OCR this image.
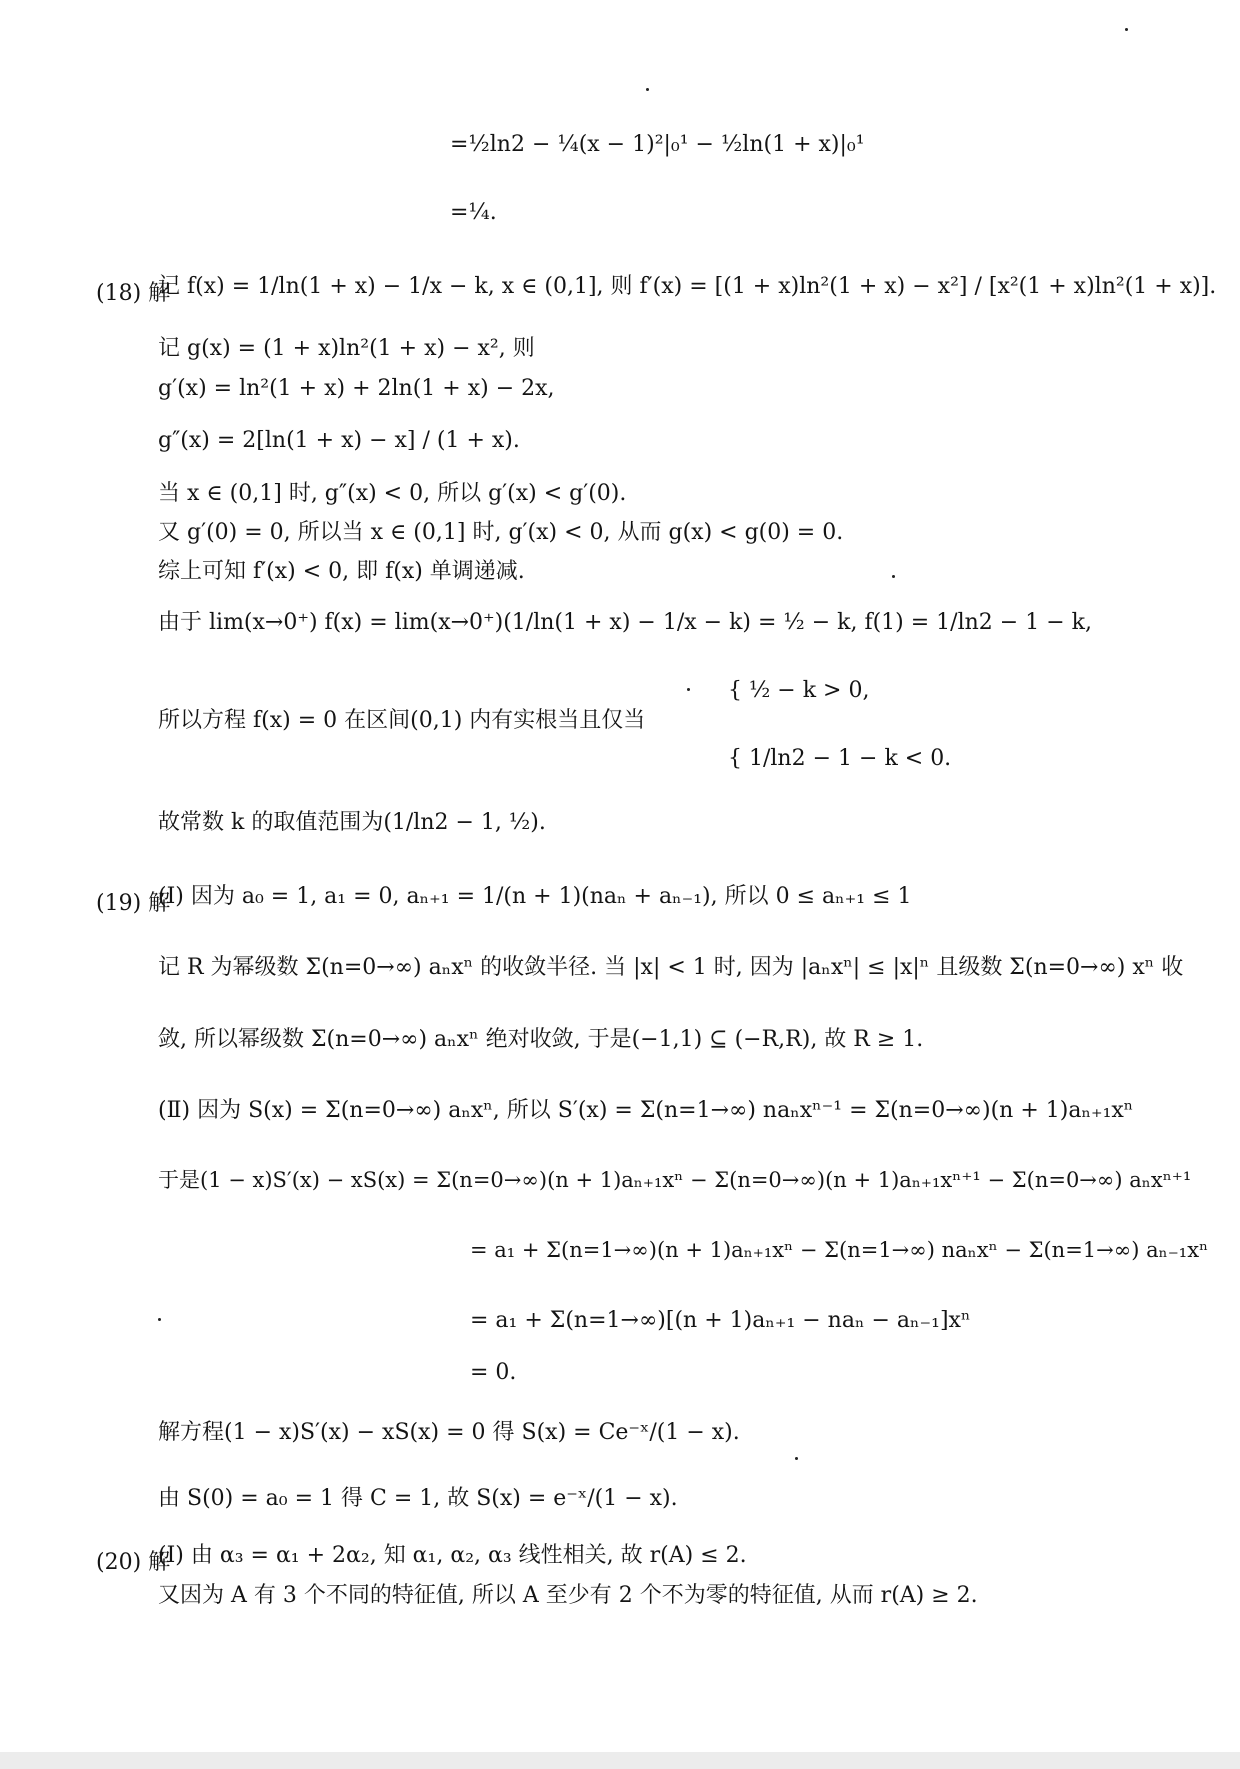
(18) 解
(19) 解
(20) 解
=½ln2 − ¼(x − 1)²|₀¹ − ½ln(1 + x)|₀¹
=¼.
记 f(x) = 1/ln(1 + x) − 1/x − k, x ∈ (0,1], 则 f′(x) = [(1 + x)ln²(1 + x) − x²] / [x²(1 + x)ln²(1 + x)].
记 g(x) = (1 + x)ln²(1 + x) − x², 则
g′(x) = ln²(1 + x) + 2ln(1 + x) − 2x,
g″(x) = 2[ln(1 + x) − x] / (1 + x).
当 x ∈ (0,1] 时, g″(x) < 0, 所以 g′(x) < g′(0).
又 g′(0) = 0, 所以当 x ∈ (0,1] 时, g′(x) < 0, 从而 g(x) < g(0) = 0.
综上可知 f′(x) < 0, 即 f(x) 单调递减.
由于 lim(x→0⁺) f(x) = lim(x→0⁺)(1/ln(1 + x) − 1/x − k) = ½ − k, f(1) = 1/ln2 − 1 − k,
{ ½ − k > 0,
所以方程 f(x) = 0 在区间(0,1) 内有实根当且仅当
{ 1/ln2 − 1 − k < 0.
故常数 k 的取值范围为(1/ln2 − 1, ½).
(Ⅰ) 因为 a₀ = 1, a₁ = 0, aₙ₊₁ = 1/(n + 1)(naₙ + aₙ₋₁), 所以 0 ≤ aₙ₊₁ ≤ 1
记 R 为幂级数 Σ(n=0→∞) aₙxⁿ 的收敛半径. 当 |x| < 1 时, 因为 |aₙxⁿ| ≤ |x|ⁿ 且级数 Σ(n=0→∞) xⁿ 收
敛, 所以幂级数 Σ(n=0→∞) aₙxⁿ 绝对收敛, 于是(−1,1) ⊆ (−R,R), 故 R ≥ 1.
(Ⅱ) 因为 S(x) = Σ(n=0→∞) aₙxⁿ, 所以 S′(x) = Σ(n=1→∞) naₙxⁿ⁻¹ = Σ(n=0→∞)(n + 1)aₙ₊₁xⁿ
于是(1 − x)S′(x) − xS(x) = Σ(n=0→∞)(n + 1)aₙ₊₁xⁿ − Σ(n=0→∞)(n + 1)aₙ₊₁xⁿ⁺¹ − Σ(n=0→∞) aₙxⁿ⁺¹
= a₁ + Σ(n=1→∞)(n + 1)aₙ₊₁xⁿ − Σ(n=1→∞) naₙxⁿ − Σ(n=1→∞) aₙ₋₁xⁿ
= a₁ + Σ(n=1→∞)[(n + 1)aₙ₊₁ − naₙ − aₙ₋₁]xⁿ
= 0.
解方程(1 − x)S′(x) − xS(x) = 0 得 S(x) = Ce⁻ˣ/(1 − x).
由 S(0) = a₀ = 1 得 C = 1, 故 S(x) = e⁻ˣ/(1 − x).
(Ⅰ) 由 α₃ = α₁ + 2α₂, 知 α₁, α₂, α₃ 线性相关, 故 r(A) ≤ 2.
又因为 A 有 3 个不同的特征值, 所以 A 至少有 2 个不为零的特征值, 从而 r(A) ≥ 2.
